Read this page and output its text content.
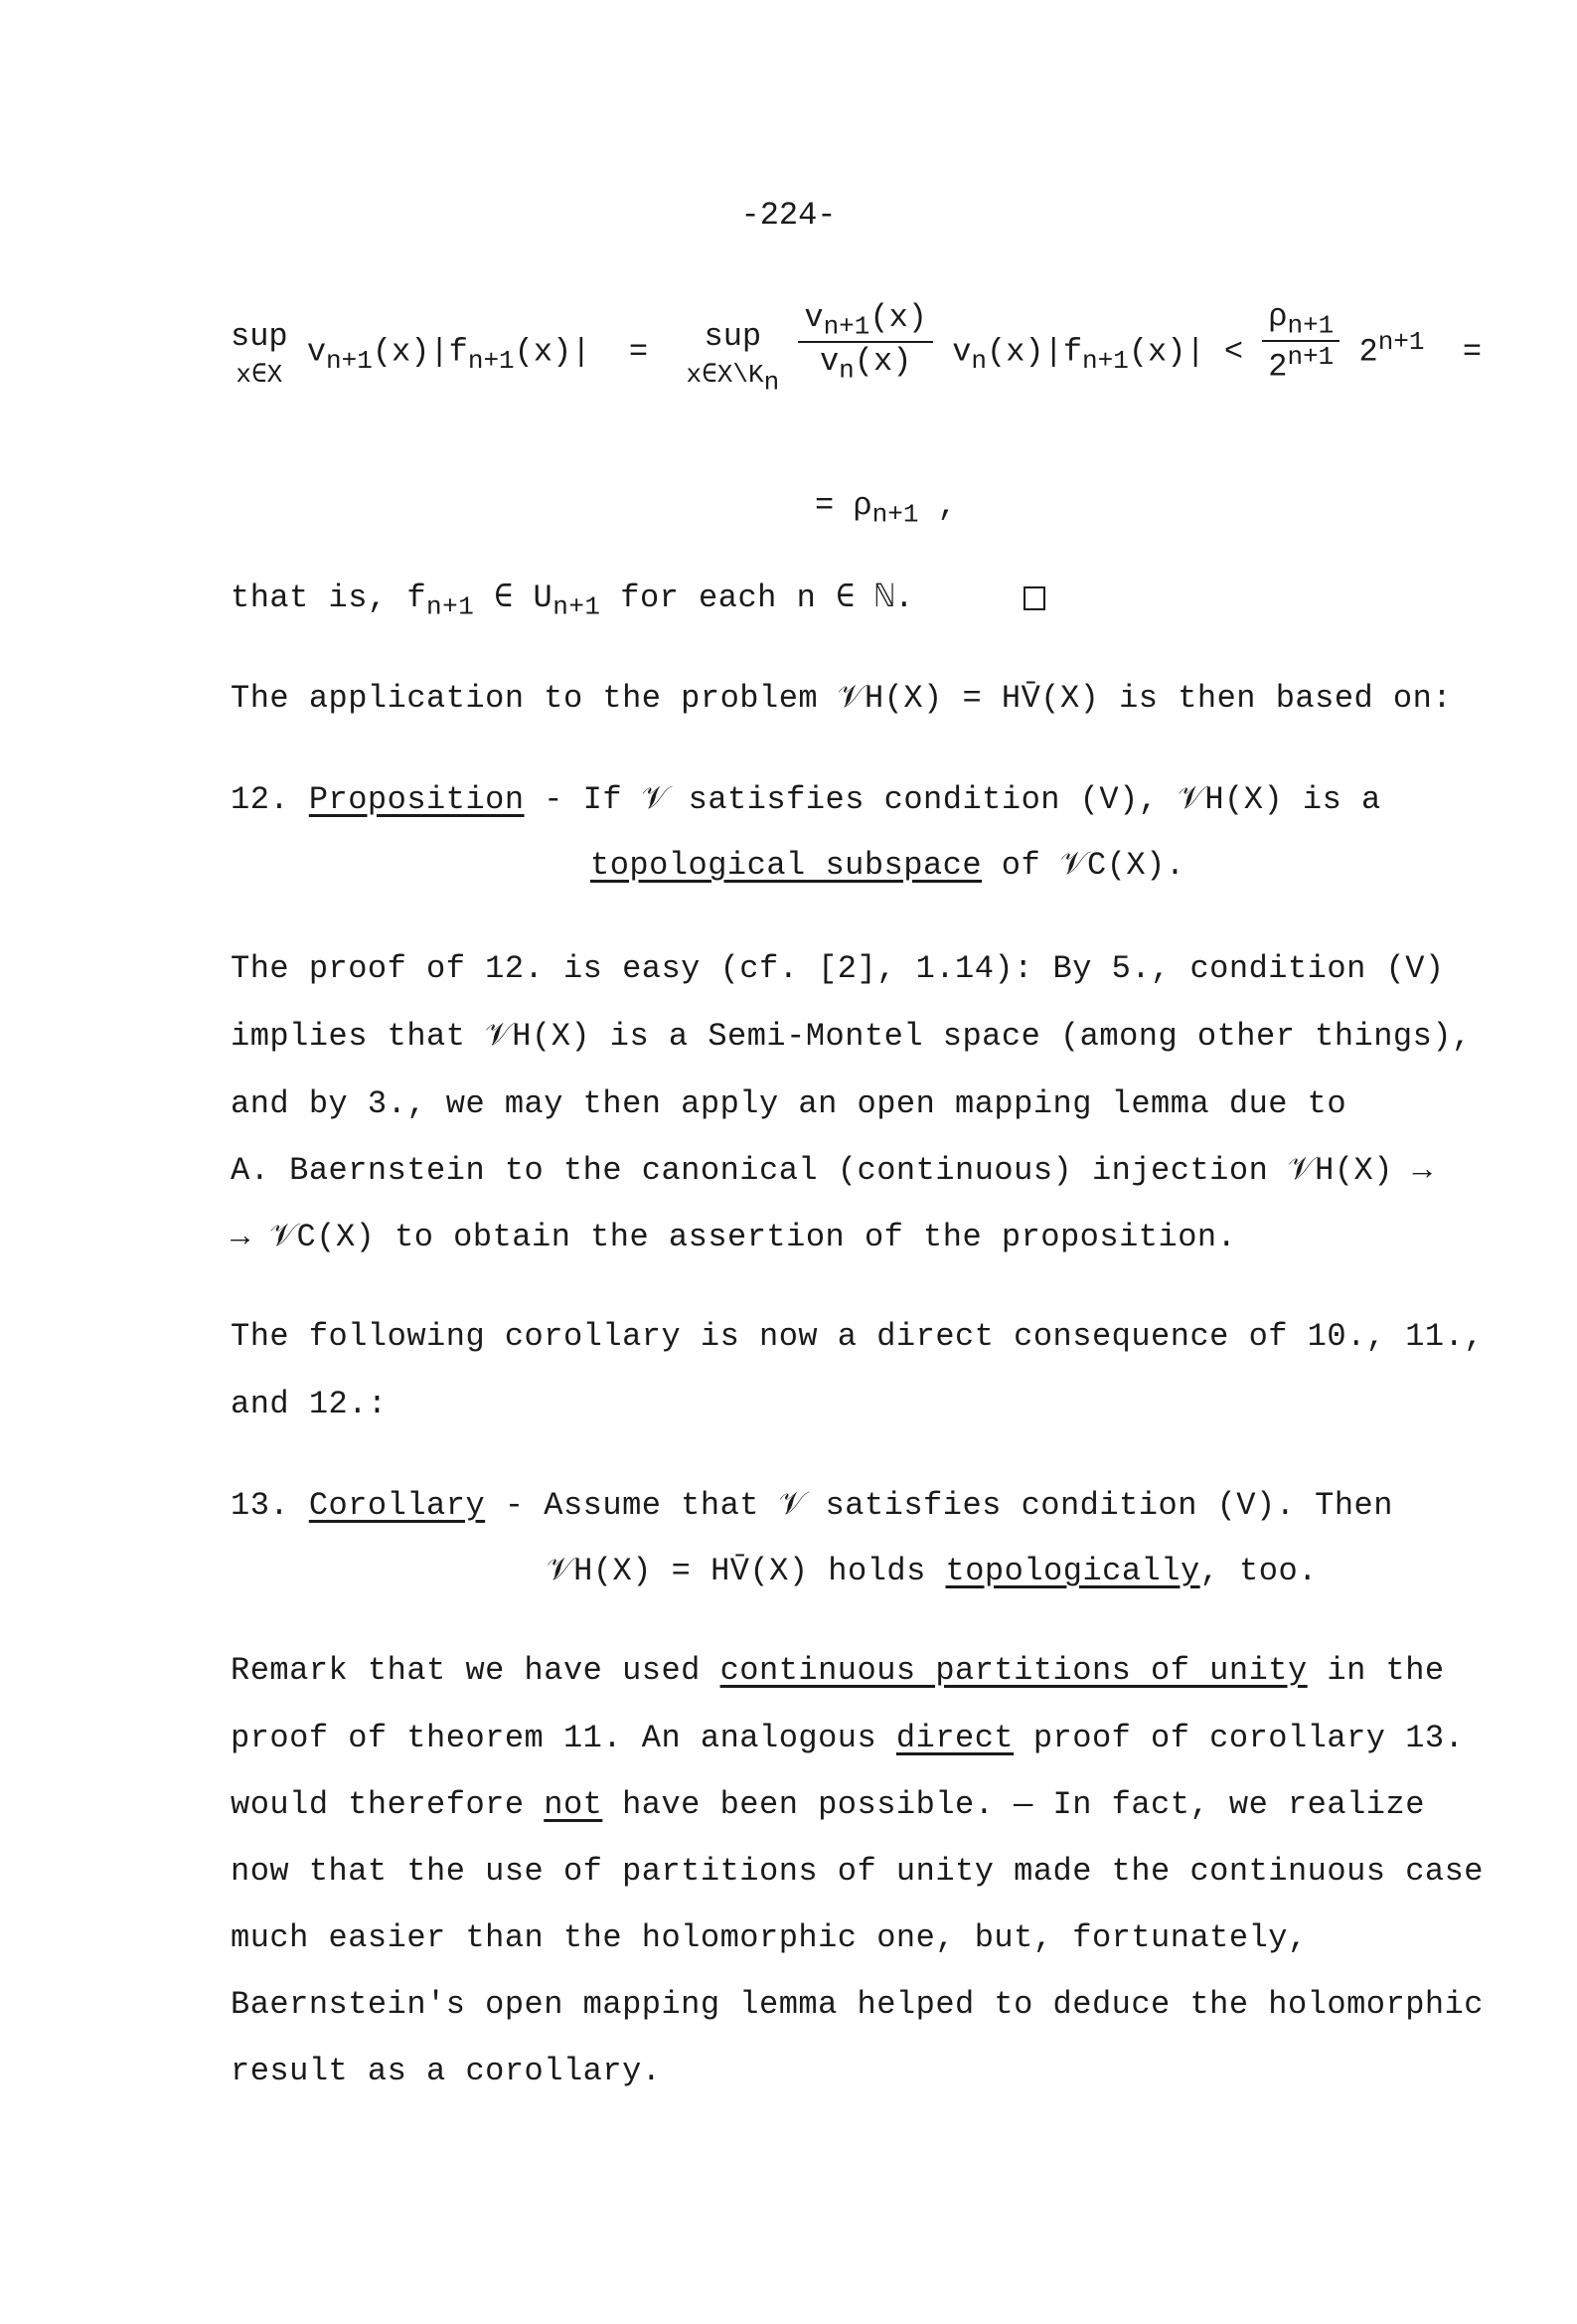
-224-
sup
x∈X $v_{n+1}(x)|f_{n+1}(x)|$ = sup
$x\in X\backslash K_n \frac{v_{n+1}(x)}{v_n(x)} v_n(x)|f_{n+1}(x)| < \frac{\rho_{n+1}}{2^{n+1}} 2^{n+1}$ =
= $\rho_{n+1}$ ,
that is, $f_{n+1}$ ∈ $U_{n+1}$ for each n ∈ ℕ.
The application to the problem 𝒱H(X) = HV̄(X) is then based on:
12. Proposition - If 𝒱 satisfies condition (V), 𝒱H(X) is a
topological subspace of 𝒱C(X).
The proof of 12. is easy (cf. [2], 1.14): By 5., condition (V)
implies that 𝒱H(X) is a Semi-Montel space (among other things),
and by 3., we may then apply an open mapping lemma due to
A. Baernstein to the canonical (continuous) injection 𝒱H(X) →
→ 𝒱C(X) to obtain the assertion of the proposition.
The following corollary is now a direct consequence of 10., 11.,
and 12.:
13. Corollary - Assume that 𝒱 satisfies condition (V). Then
𝒱H(X) = HV̄(X) holds topologically, too.
Remark that we have used continuous partitions of unity in the
proof of theorem 11. An analogous direct proof of corollary 13.
would therefore not have been possible. — In fact, we realize
now that the use of partitions of unity made the continuous case
much easier than the holomorphic one, but, fortunately,
Baernstein's open mapping lemma helped to deduce the holomorphic
result as a corollary.
